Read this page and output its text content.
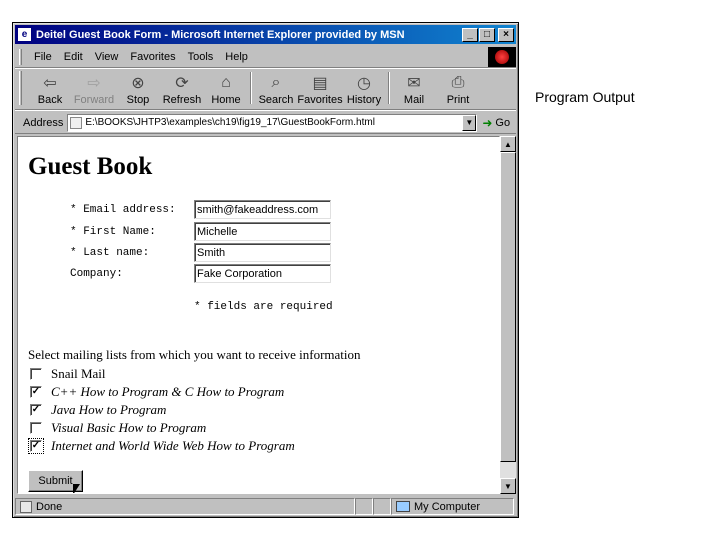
e Deitel Guest Book Form - Microsoft Internet Explorer provided by MSN	_	□	×
File	Edit	View	Favorites	Tools	Help
⇦
Back
⇨
Forward
⊗
Stop
⟳
Refresh
⌂
Home
⌕
Search
▤
Favorites
◷
History
✉
Mail
⎙
Print
Address	E:\BOOKS\JHTP3\examples\ch19\fig19_17\GuestBookForm.html	▼ ➜ Go
Guest Book
* Email address:
smith@fakeaddress.com
* First Name:
Michelle
* Last name:
Smith
Company:
Fake Corporation
* fields are required
Select mailing lists from which you want to receive information
Snail Mail
✓ C++ How to Program & C How to Program
✓ Java How to Program
Visual Basic How to Program
✓ Internet and World Wide Web How to Program
Submit
▲
▼
Done	My Computer
Program Output
